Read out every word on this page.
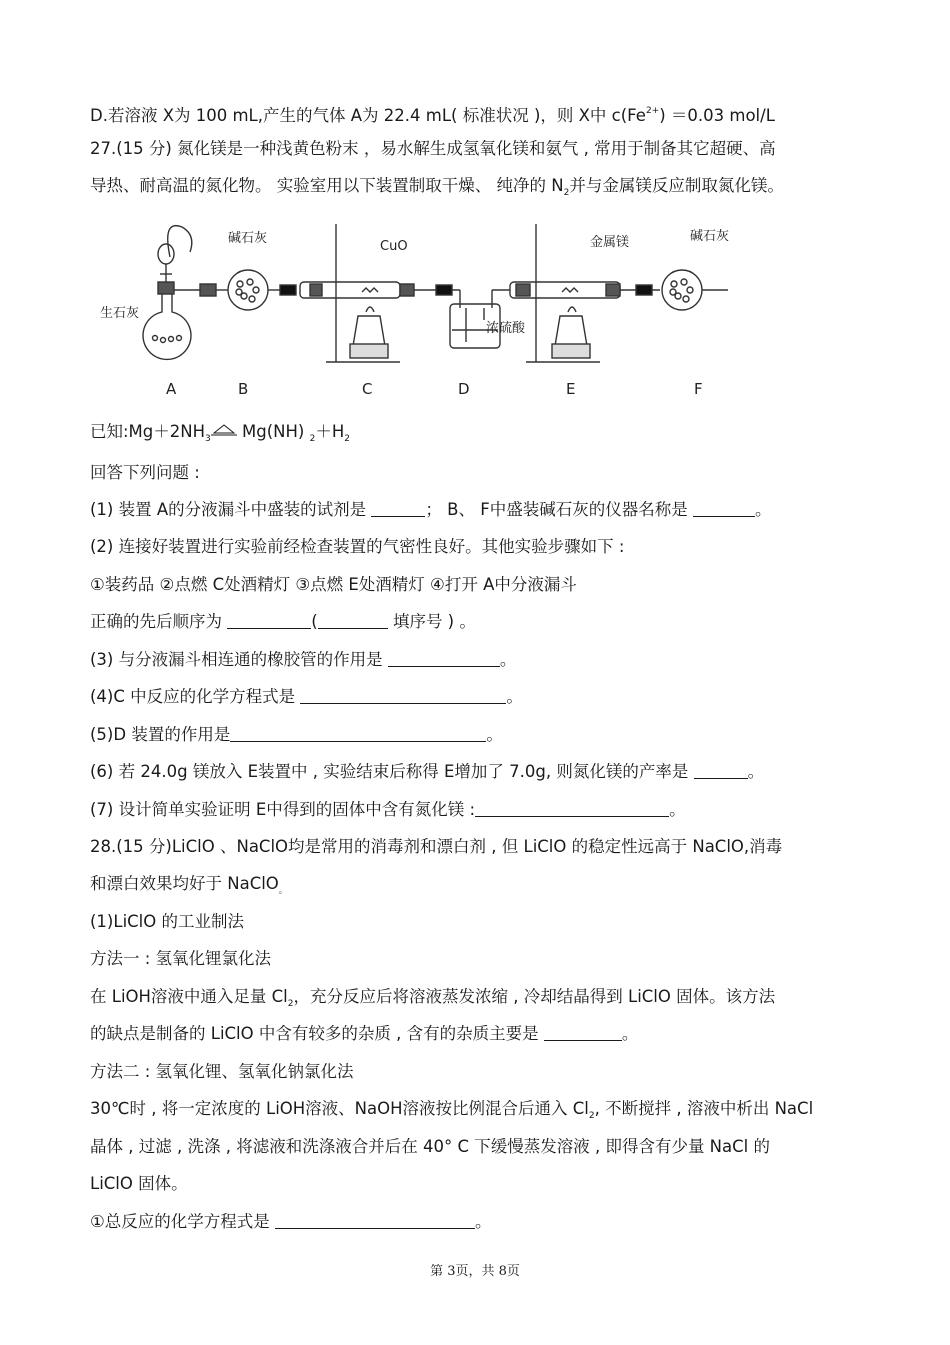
D.若溶液 X为 100 mL,产生的气体 A为 22.4 mL( 标准状况 )，则 X中 $c(Fe^{2+}) =0.03$ mol/L
27.(15 分) 氮化镁是一种浅黄色粉末 ，易水解生成氢氧化镁和氨气 , 常用于制备其它超硬、高
导热、耐高温的氮化物。 实验室用以下装置制取干燥、 纯净的 $N_2$并与金属镁反应制取氮化镁。
生石灰
碱石灰
CuO	金属镁	碱石灰
浓硫酸
A	B	C	D	E	F
已知$:Mg+2NH_3$ Mg(NH) $_2+H_2$
回答下列问题 :
(1) 装置 A的分液漏斗中盛装的试剂是	； B、 F中盛装碱石灰的仪器名称是	。
(2) 连接好装置进行实验前经检查装置的气密性良好。其他实验步骤如下 :
①装药品 ②点燃 C处酒精灯 ③点燃 E处酒精灯 ④打开 A中分液漏斗
正确的先后顺序为	(	填序号 ) 。
(3) 与分液漏斗相连通的橡胶管的作用是	。
(4)C 中反应的化学方程式是	。
(5)D 装置的作用是	。
(6) 若 24.0g 镁放入 E装置中 , 实验结束后称得 E增加了 7.0g, 则氮化镁的产率是	。
(7) 设计简单实验证明 E中得到的固体中含有氮化镁 :	。
28.(15 分)LiClO 、NaClO均是常用的消毒剂和漂白剂 , 但 LiClO 的稳定性远高于 NaClO,消毒
和漂白效果均好于 NaClO$_。$
(1)LiClO 的工业制法
方法一 : 氢氧化锂氯化法
在 LiOH溶液中通入足量 $Cl_2$，充分反应后将溶液蒸发浓缩 , 冷却结晶得到 LiClO 固体。该方法
的缺点是制备的 LiClO 中含有较多的杂质 , 含有的杂质主要是	。
方法二 : 氢氧化锂、氢氧化钠氯化法
30℃时 , 将一定浓度的 LiOH溶液、NaOH溶液按比例混合后通入 $Cl_2$, 不断搅拌 , 溶液中析出 NaCl
晶体 , 过滤 , 洗涤 , 将滤液和洗涤液合并后在 40° C 下缓慢蒸发溶液 , 即得含有少量 NaCl 的
LiClO 固体。
①总反应的化学方程式是	。
第 3页，共 8页
